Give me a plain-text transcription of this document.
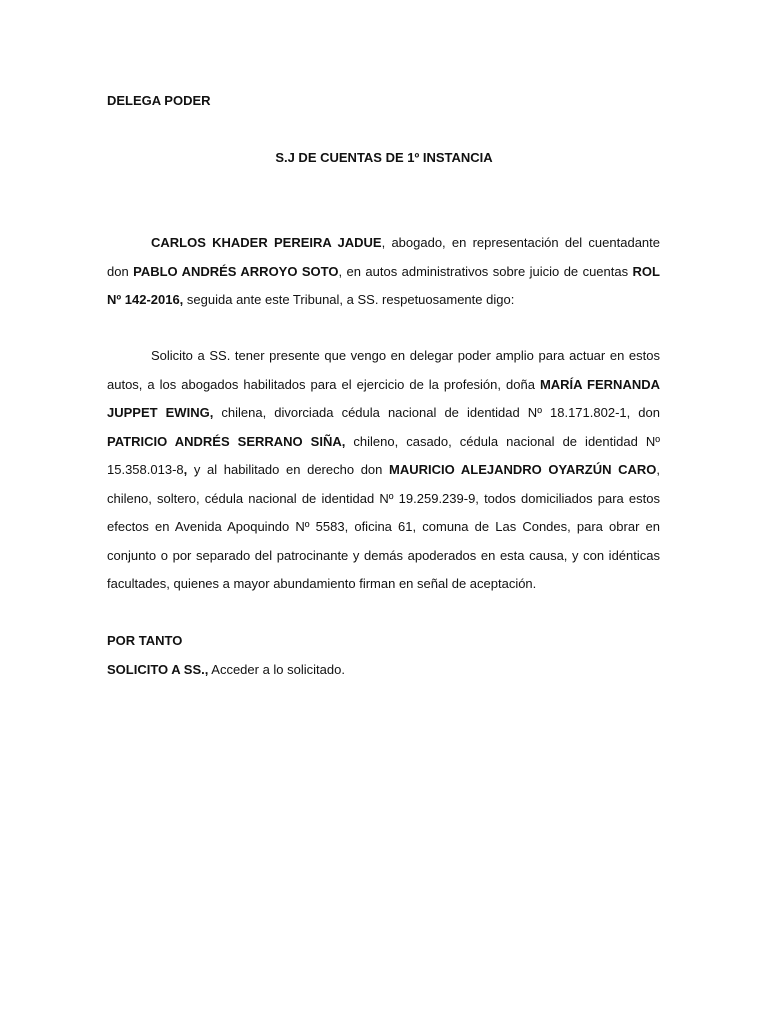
DELEGA PODER
S.J DE CUENTAS DE 1º INSTANCIA
CARLOS KHADER PEREIRA JADUE, abogado, en representación del cuentadante don PABLO ANDRÉS ARROYO SOTO, en autos administrativos sobre juicio de cuentas ROL Nº 142-2016, seguida ante este Tribunal, a SS. respetuosamente digo:
Solicito a SS. tener presente que vengo en delegar poder amplio para actuar en estos autos, a los abogados habilitados para el ejercicio de la profesión, doña MARÍA FERNANDA JUPPET EWING, chilena, divorciada cédula nacional de identidad Nº 18.171.802-1, don PATRICIO ANDRÉS SERRANO SIÑA, chileno, casado, cédula nacional de identidad Nº 15.358.013-8, y al habilitado en derecho don MAURICIO ALEJANDRO OYARZÚN CARO, chileno, soltero, cédula nacional de identidad Nº 19.259.239-9, todos domiciliados para estos efectos en Avenida Apoquindo Nº 5583, oficina 61, comuna de Las Condes, para obrar en conjunto o por separado del patrocinante y demás apoderados en esta causa, y con idénticas facultades, quienes a mayor abundamiento firman en señal de aceptación.
POR TANTO
SOLICITO A SS., Acceder a lo solicitado.
